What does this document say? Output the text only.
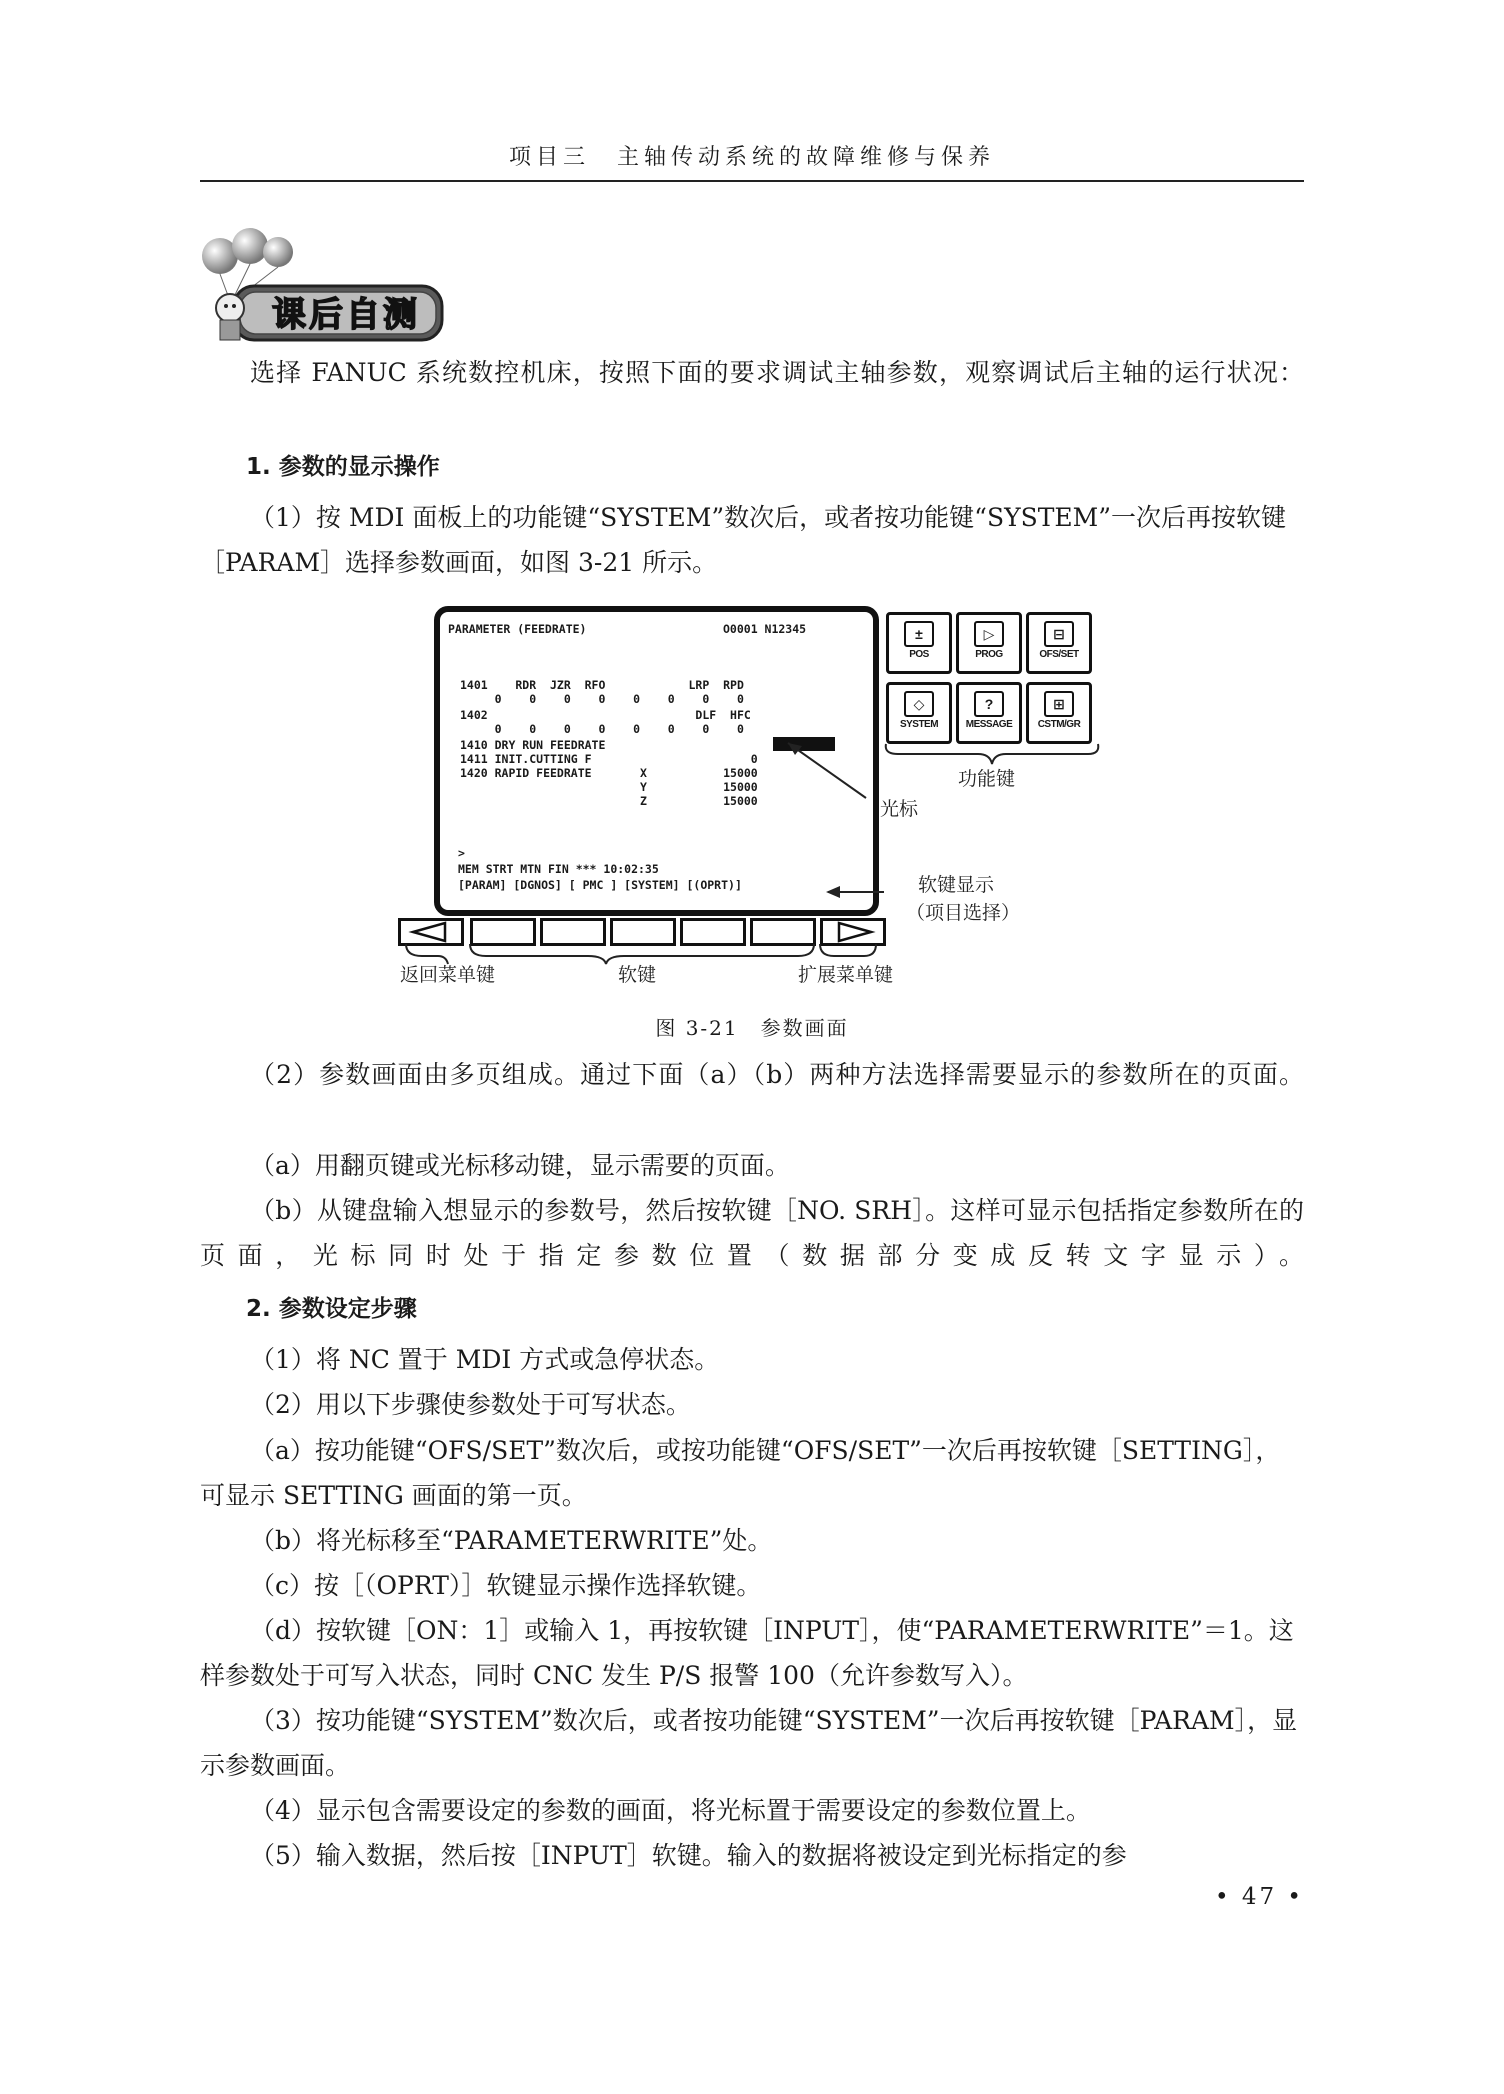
项目三　主轴传动系统的故障维修与保养
课后自测
选择 FANUC 系统数控机床，按照下面的要求调试主轴参数，观察调试后主轴的运行状况：
1. 参数的显示操作
（1）按 MDI 面板上的功能键“SYSTEM”数次后，或者按功能键“SYSTEM”一次后再按软键［PARAM］选择参数画面，如图 3-21 所示。
PARAMETER (FEEDRATE)	O0001 N12345
1401    RDR  JZR  RFO            LRP  RPD
0    0    0    0    0    0    0    0
1402                              DLF  HFC
0    0    0    0    0    0    0    0
1410 DRY RUN FEEDRATE
1411 INIT.CUTTING F                       0
1420 RAPID FEEDRATE       X           15000
Y           15000
Z           15000
>
MEM STRT MTN FIN *** 10:02:35
[PARAM] [DGNOS] [ PMC ] [SYSTEM] [(OPRT)]
±
POS
▷
PROG
⊟
OFS/SET
◇
SYSTEM
?
MESSAGE
⊞
CSTM/GR
功能键
光标
软键显示
（项目选择）
返回菜单键	软键	扩展菜单键
图 3-21　参数画面
（2）参数画面由多页组成。通过下面（a）（b）两种方法选择需要显示的参数所在的页面。
（a）用翻页键或光标移动键，显示需要的页面。
（b）从键盘输入想显示的参数号，然后按软键［NO. SRH］。这样可显示包括指定参数所在的页面，光标同时处于指定参数位置（数据部分变成反转文字显示）。
2. 参数设定步骤
（1）将 NC 置于 MDI 方式或急停状态。
（2）用以下步骤使参数处于可写状态。
（a）按功能键“OFS/SET”数次后，或按功能键“OFS/SET”一次后再按软键［SETTING］，可显示 SETTING 画面的第一页。
（b）将光标移至“PARAMETERWRITE”处。
（c）按［（OPRT）］软键显示操作选择软键。
（d）按软键［ON：1］或输入 1，再按软键［INPUT］，使“PARAMETERWRITE”＝1。这样参数处于可写入状态，同时 CNC 发生 P/S 报警 100（允许参数写入）。
（3）按功能键“SYSTEM”数次后，或者按功能键“SYSTEM”一次后再按软键［PARAM］，显示参数画面。
（4）显示包含需要设定的参数的画面，将光标置于需要设定的参数位置上。
（5）输入数据，然后按［INPUT］软键。输入的数据将被设定到光标指定的参
• 47 •
